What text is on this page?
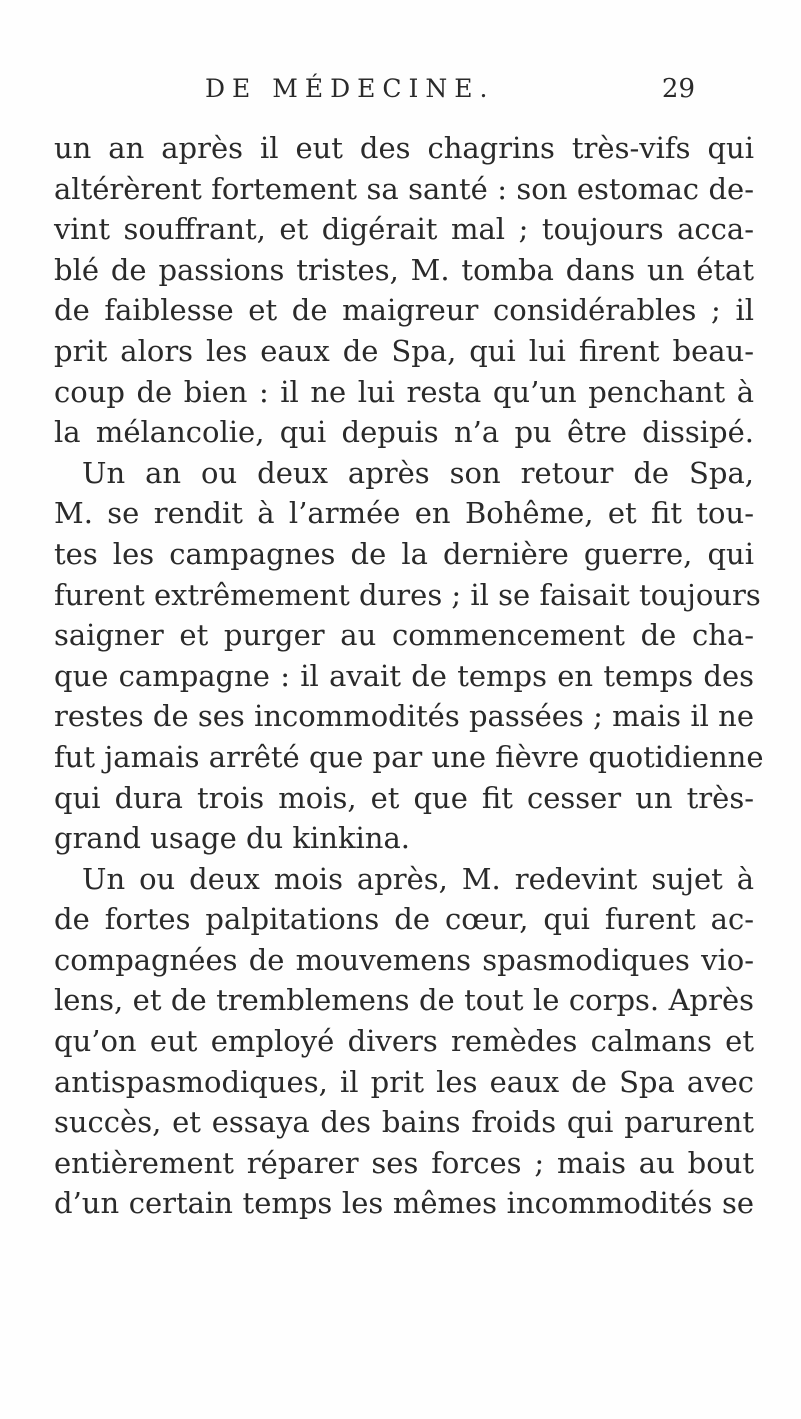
DE MÉDECINE.	29
un an après il eut des chagrins très-vifs qui
altérèrent fortement sa santé : son estomac de-
vint souffrant, et digérait mal ; toujours acca-
blé de passions tristes, M. tomba dans un état
de faiblesse et de maigreur considérables ; il
prit alors les eaux de Spa, qui lui firent beau-
coup de bien : il ne lui resta qu’un penchant à
la mélancolie, qui depuis n’a pu être dissipé.
Un an ou deux après son retour de Spa,
M. se rendit à l’armée en Bohême, et fit tou-
tes les campagnes de la dernière guerre, qui
furent extrêmement dures ; il se faisait toujours
saigner et purger au commencement de cha-
que campagne : il avait de temps en temps des
restes de ses incommodités passées ; mais il ne
fut jamais arrêté que par une fièvre quotidienne
qui dura trois mois, et que fit cesser un très-
grand usage du kinkina.
Un ou deux mois après, M. redevint sujet à
de fortes palpitations de cœur, qui furent ac-
compagnées de mouvemens spasmodiques vio-
lens, et de tremblemens de tout le corps. Après
qu’on eut employé divers remèdes calmans et
antispasmodiques, il prit les eaux de Spa avec
succès, et essaya des bains froids qui parurent
entièrement réparer ses forces ; mais au bout
d’un certain temps les mêmes incommodités se
